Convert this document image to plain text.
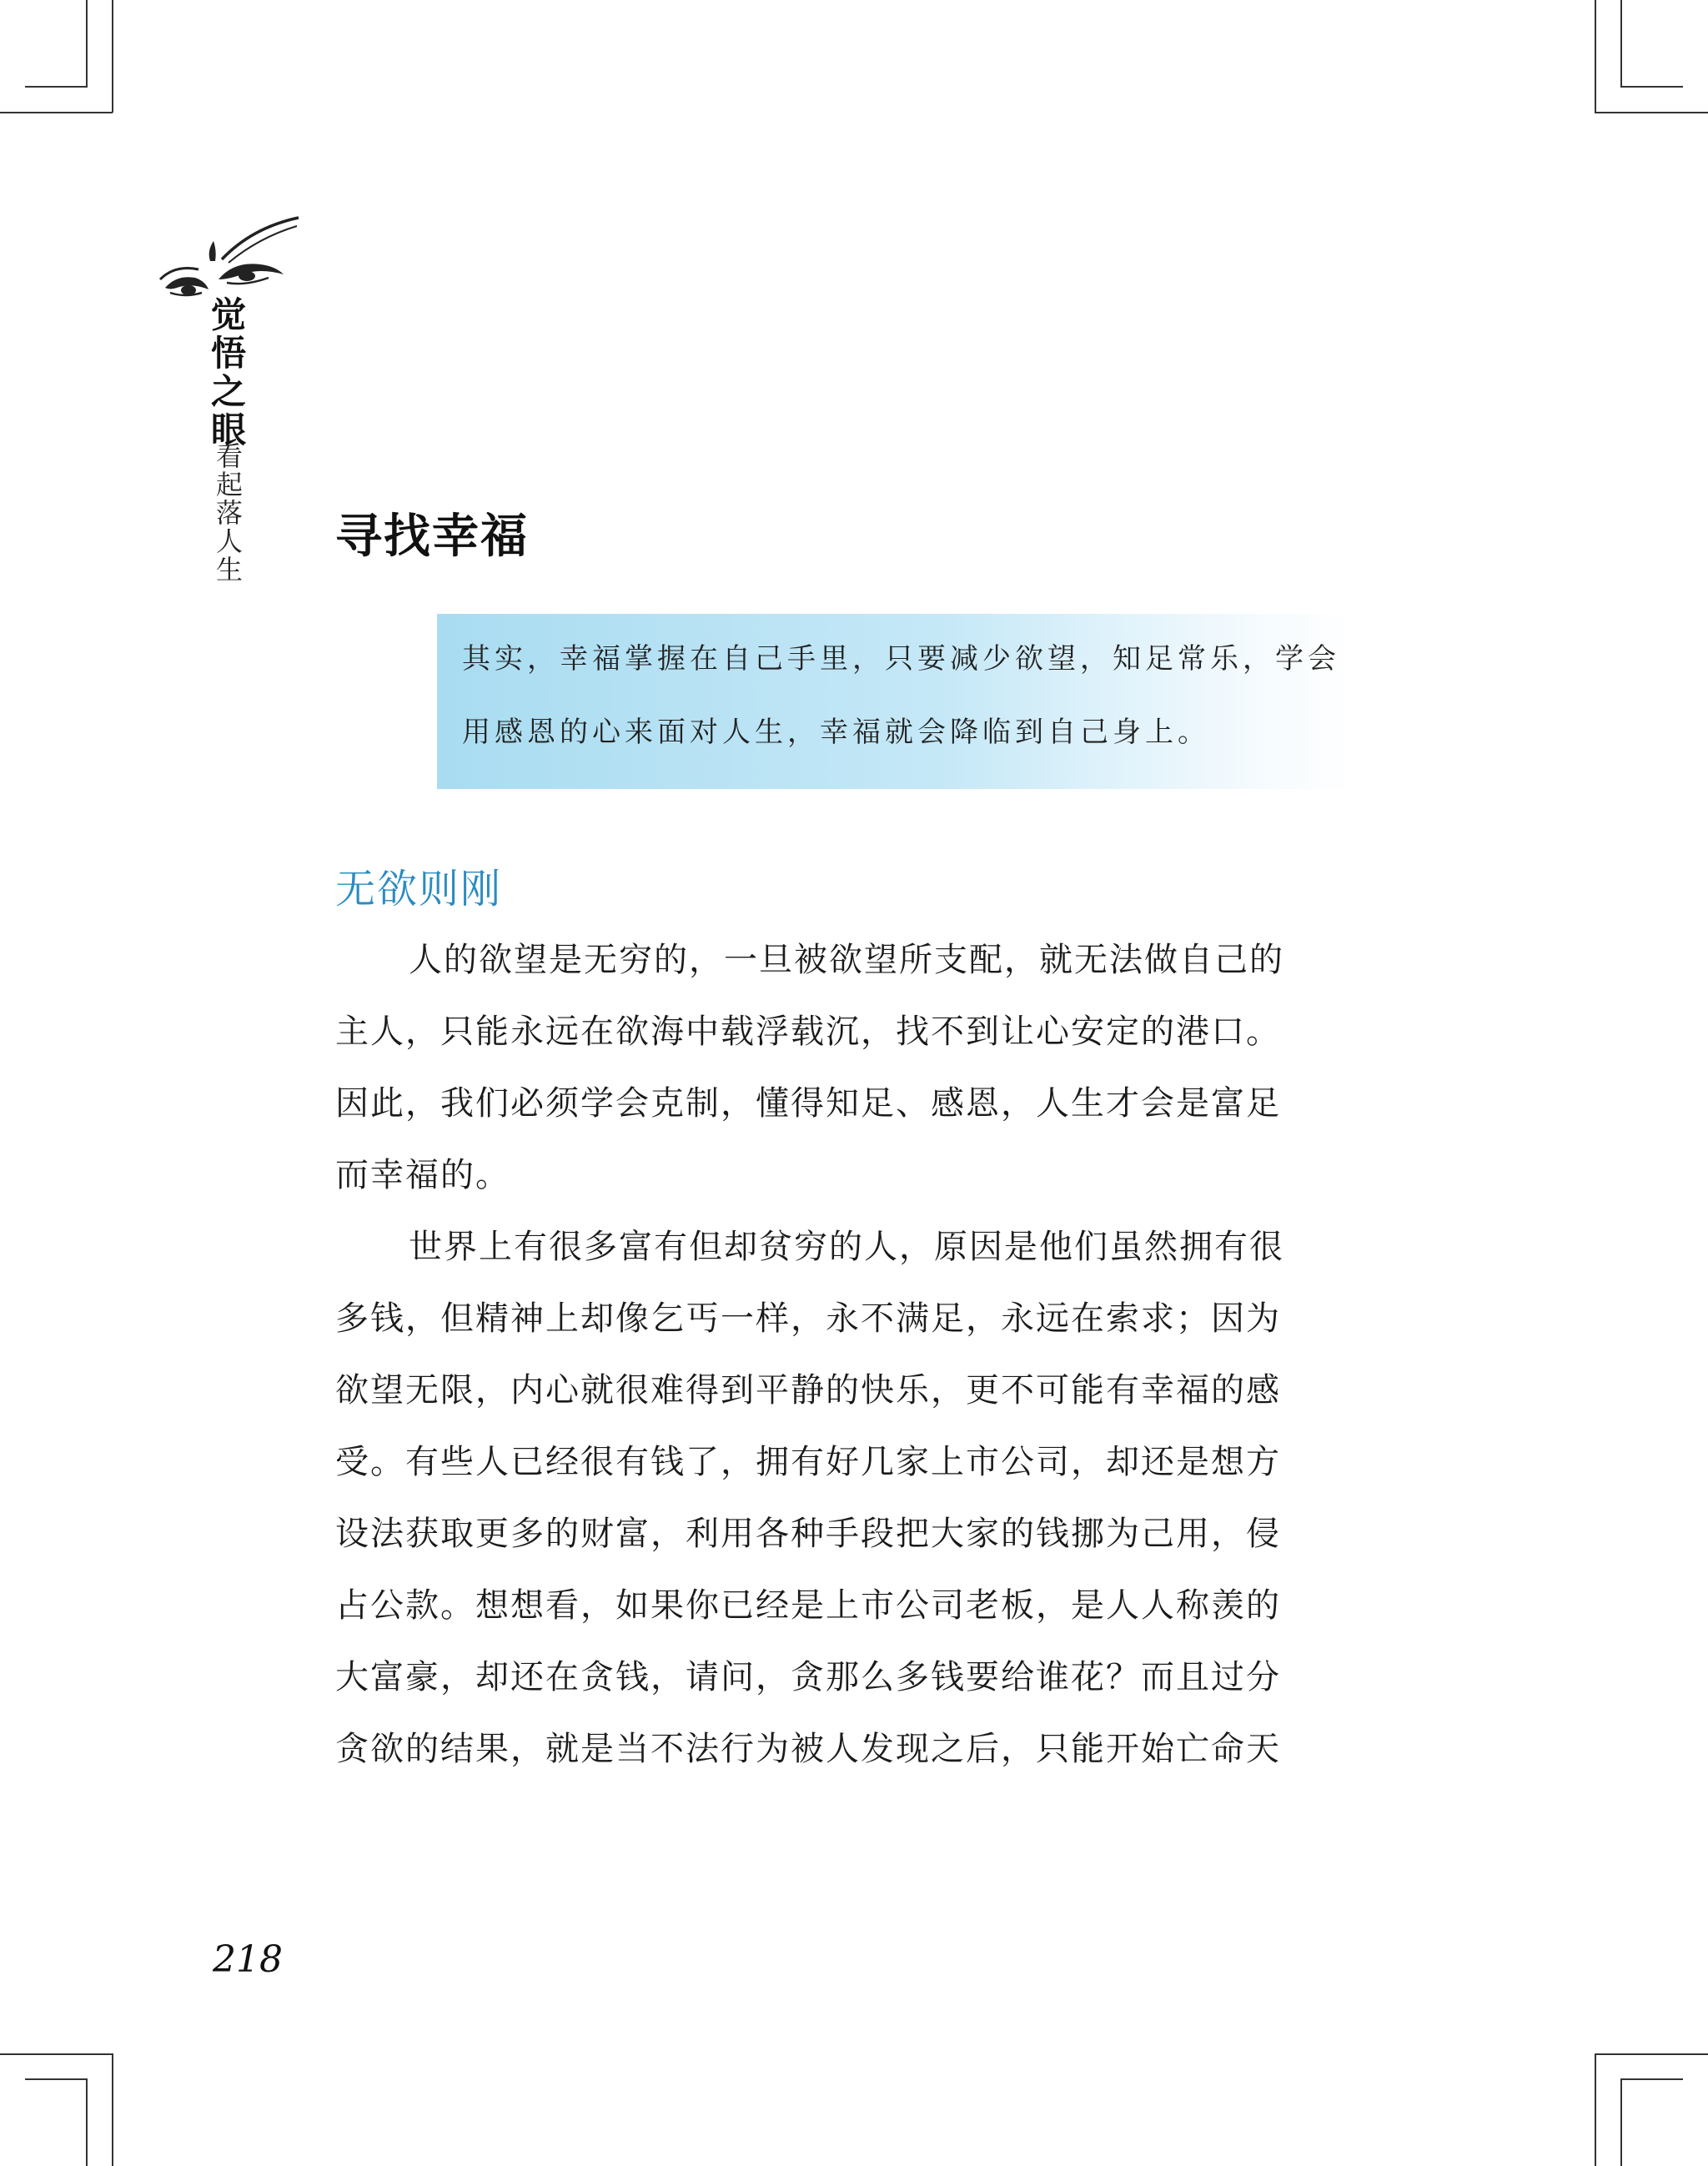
觉悟之眼
看起落人生 寻找幸福

其实，幸福掌握在自己手里，只要减少欲望，知足常乐，学会

用感恩的心来面对人生，幸福就会降临到自己身上。

无欲则刚

人的欲望是无穷的，一旦被欲望所支配，就无法做自己的

主人，只能永远在欲海中载浮载沉，找不到让心安定的港口。

因此，我们必须学会克制，懂得知足、感恩，人生才会是富足

而幸福的。

世界上有很多富有但却贫穷的人，原因是他们虽然拥有很

多钱，但精神上却像乞丐一样，永不满足，永远在索求；因为

欲望无限，内心就很难得到平静的快乐，更不可能有幸福的感

受。有些人已经很有钱了，拥有好几家上市公司，却还是想方

设法获取更多的财富，利用各种手段把大家的钱挪为己用，侵

占公款。想想看，如果你已经是上市公司老板，是人人称羡的

大富豪，却还在贪钱，请问，贪那么多钱要给谁花？而且过分

贪欲的结果，就是当不法行为被人发现之后，只能开始亡命天

218
